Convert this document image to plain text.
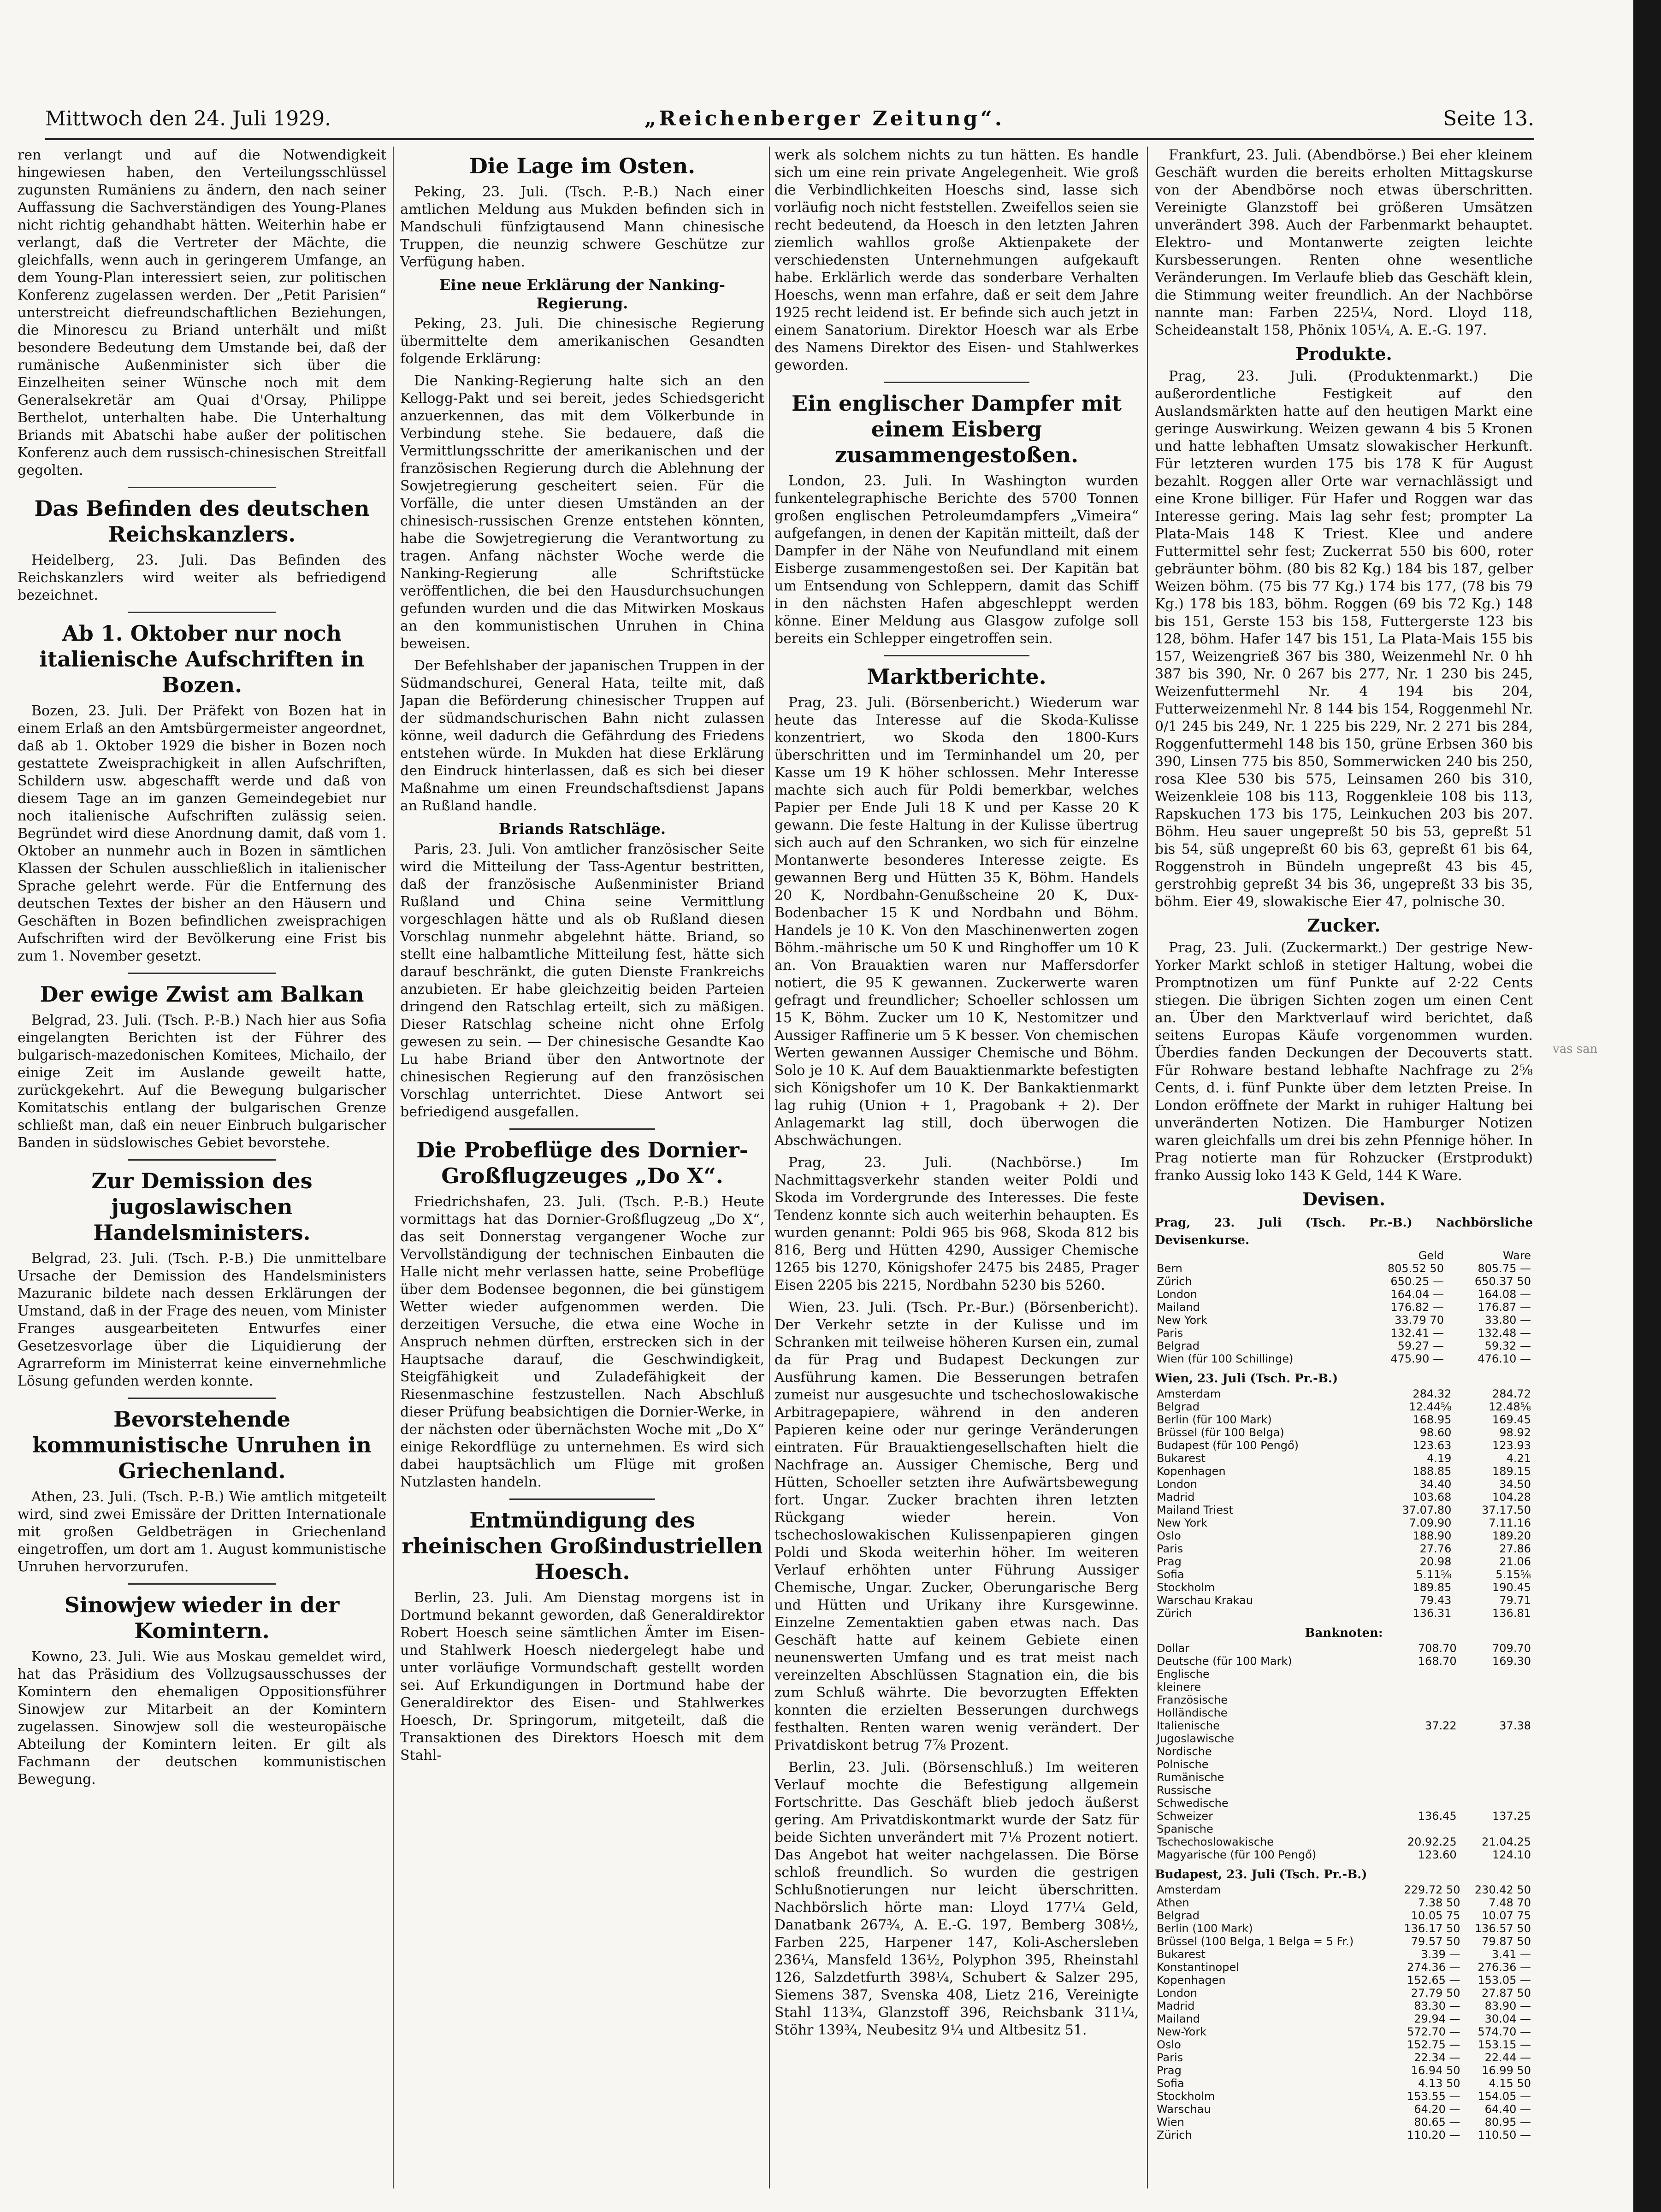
Mittwoch den 24. Juli 1929.	„Reichenberger Zeitung“.	Seite 13.

ren verlangt und auf die Notwendigkeit hingewiesen haben, den Verteilungsschlüssel zugunsten Rumäniens zu ändern, den nach seiner Auffassung die Sachverständigen des Young-Planes nicht richtig gehandhabt hätten. Weiterhin habe er verlangt, daß die Vertreter der Mächte, die gleichfalls, wenn auch in geringerem Umfange, an dem Young-Plan interessiert seien, zur politischen Konferenz zugelassen werden. Der „Petit Parisien“ unterstreicht diefreundschaftlichen Beziehungen, die Minorescu zu Briand unterhält und mißt besondere Bedeutung dem Umstande bei, daß der rumänische Außenminister sich über die Einzelheiten seiner Wünsche noch mit dem Generalsekretär am Quai d'Orsay, Philippe Berthelot, unterhalten habe. Die Unterhaltung Briands mit Abatschi habe außer der politischen Konferenz auch dem russisch-chinesischen Streitfall gegolten.

Das Befinden des deutschen Reichskanzlers.

Heidelberg, 23. Juli. Das Befinden des Reichskanzlers wird weiter als befriedigend bezeichnet.

Ab 1. Oktober nur noch italienische Aufschriften in Bozen.

Bozen, 23. Juli. Der Präfekt von Bozen hat in einem Erlaß an den Amtsbürgermeister angeordnet, daß ab 1. Oktober 1929 die bisher in Bozen noch gestattete Zweisprachigkeit in allen Aufschriften, Schildern usw. abgeschafft werde und daß von diesem Tage an im ganzen Gemeindegebiet nur noch italienische Aufschriften zulässig seien. Begründet wird diese Anordnung damit, daß vom 1. Oktober an nunmehr auch in Bozen in sämtlichen Klassen der Schulen ausschließlich in italienischer Sprache gelehrt werde. Für die Entfernung des deutschen Textes der bisher an den Häusern und Geschäften in Bozen befindlichen zweisprachigen Aufschriften wird der Bevölkerung eine Frist bis zum 1. November gesetzt.

Der ewige Zwist am Balkan

Belgrad, 23. Juli. (Tsch. P.-B.) Nach hier aus Sofia eingelangten Berichten ist der Führer des bulgarisch-mazedonischen Komitees, Michailo, der einige Zeit im Auslande geweilt hatte, zurückgekehrt. Auf die Bewegung bulgarischer Komitatschis entlang der bulgarischen Grenze schließt man, daß ein neuer Einbruch bulgarischer Banden in südslowisches Gebiet bevorstehe.

Zur Demission des jugoslawischen Handelsministers.

Belgrad, 23. Juli. (Tsch. P.-B.) Die unmittelbare Ursache der Demission des Handelsministers Mazuranic bildete nach dessen Erklärungen der Umstand, daß in der Frage des neuen, vom Minister Franges ausgearbeiteten Entwurfes einer Gesetzesvorlage über die Liquidierung der Agrarreform im Ministerrat keine einvernehmliche Lösung gefunden werden konnte.

Bevorstehende kommunistische Unruhen in Griechenland.

Athen, 23. Juli. (Tsch. P.-B.) Wie amtlich mitgeteilt wird, sind zwei Emissäre der Dritten Internationale mit großen Geldbeträgen in Griechenland eingetroffen, um dort am 1. August kommunistische Unruhen hervorzurufen.

Sinowjew wieder in der Komintern.

Kowno, 23. Juli. Wie aus Moskau gemeldet wird, hat das Präsidium des Vollzugsausschusses der Komintern den ehemaligen Oppositionsführer Sinowjew zur Mitarbeit an der Komintern zugelassen. Sinowjew soll die westeuropäische Abteilung der Komintern leiten. Er gilt als Fachmann der deutschen kommunistischen Bewegung.

Die Lage im Osten.

Peking, 23. Juli. (Tsch. P.-B.) Nach einer amtlichen Meldung aus Mukden befinden sich in Mandschuli fünfzigtausend Mann chinesische Truppen, die neunzig schwere Geschütze zur Verfügung haben.

Eine neue Erklärung der Nanking-Regierung.

Peking, 23. Juli. Die chinesische Regierung übermittelte dem amerikanischen Gesandten folgende Erklärung:

Die Nanking-Regierung halte sich an den Kellogg-Pakt und sei bereit, jedes Schiedsgericht anzuerkennen, das mit dem Völkerbunde in Verbindung stehe. Sie bedauere, daß die Vermittlungsschritte der amerikanischen und der französischen Regierung durch die Ablehnung der Sowjetregierung gescheitert seien. Für die Vorfälle, die unter diesen Umständen an der chinesisch-russischen Grenze entstehen könnten, habe die Sowjetregierung die Verantwortung zu tragen. Anfang nächster Woche werde die Nanking-Regierung alle Schriftstücke veröffentlichen, die bei den Hausdurchsuchungen gefunden wurden und die das Mitwirken Moskaus an den kommunistischen Unruhen in China beweisen.

Der Befehlshaber der japanischen Truppen in der Südmandschurei, General Hata, teilte mit, daß Japan die Beförderung chinesischer Truppen auf der südmandschurischen Bahn nicht zulassen könne, weil dadurch die Gefährdung des Friedens entstehen würde. In Mukden hat diese Erklärung den Eindruck hinterlassen, daß es sich bei dieser Maßnahme um einen Freundschaftsdienst Japans an Rußland handle.

Briands Ratschläge.

Paris, 23. Juli. Von amtlicher französischer Seite wird die Mitteilung der Tass-Agentur bestritten, daß der französische Außenminister Briand Rußland und China seine Vermittlung vorgeschlagen hätte und als ob Rußland diesen Vorschlag nunmehr abgelehnt hätte. Briand, so stellt eine halbamtliche Mitteilung fest, hätte sich darauf beschränkt, die guten Dienste Frankreichs anzubieten. Er habe gleichzeitig beiden Parteien dringend den Ratschlag erteilt, sich zu mäßigen. Dieser Ratschlag scheine nicht ohne Erfolg gewesen zu sein. — Der chinesische Gesandte Kao Lu habe Briand über den Antwortnote der chinesischen Regierung auf den französischen Vorschlag unterrichtet. Diese Antwort sei befriedigend ausgefallen.

Die Probeflüge des Dornier-Großflugzeuges „Do X“.

Friedrichshafen, 23. Juli. (Tsch. P.-B.) Heute vormittags hat das Dornier-Großflugzeug „Do X“, das seit Donnerstag vergangener Woche zur Vervollständigung der technischen Einbauten die Halle nicht mehr verlassen hatte, seine Probeflüge über dem Bodensee begonnen, die bei günstigem Wetter wieder aufgenommen werden. Die derzeitigen Versuche, die etwa eine Woche in Anspruch nehmen dürften, erstrecken sich in der Hauptsache darauf, die Geschwindigkeit, Steigfähigkeit und Zuladefähigkeit der Riesenmaschine festzustellen. Nach Abschluß dieser Prüfung beabsichtigen die Dornier-Werke, in der nächsten oder übernächsten Woche mit „Do X“ einige Rekordflüge zu unternehmen. Es wird sich dabei hauptsächlich um Flüge mit großen Nutzlasten handeln.

Entmündigung des rheinischen Großindustriellen Hoesch.

Berlin, 23. Juli. Am Dienstag morgens ist in Dortmund bekannt geworden, daß Generaldirektor Robert Hoesch seine sämtlichen Ämter im Eisen- und Stahlwerk Hoesch niedergelegt habe und unter vorläufige Vormundschaft gestellt worden sei. Auf Erkundigungen in Dortmund habe der Generaldirektor des Eisen- und Stahlwerkes Hoesch, Dr. Springorum, mitgeteilt, daß die Transaktionen des Direktors Hoesch mit dem Stahl-

werk als solchem nichts zu tun hätten. Es handle sich um eine rein private Angelegenheit. Wie groß die Verbindlichkeiten Hoeschs sind, lasse sich vorläufig noch nicht feststellen. Zweifellos seien sie recht bedeutend, da Hoesch in den letzten Jahren ziemlich wahllos große Aktienpakete der verschiedensten Unternehmungen aufgekauft habe. Erklärlich werde das sonderbare Verhalten Hoeschs, wenn man erfahre, daß er seit dem Jahre 1925 recht leidend ist. Er befinde sich auch jetzt in einem Sanatorium. Direktor Hoesch war als Erbe des Namens Direktor des Eisen- und Stahlwerkes geworden.

Ein englischer Dampfer mit einem Eisberg zusammengestoßen.

London, 23. Juli. In Washington wurden funkentelegraphische Berichte des 5700 Tonnen großen englischen Petroleumdampfers „Vimeira“ aufgefangen, in denen der Kapitän mitteilt, daß der Dampfer in der Nähe von Neufundland mit einem Eisberge zusammengestoßen sei. Der Kapitän bat um Entsendung von Schleppern, damit das Schiff in den nächsten Hafen abgeschleppt werden könne. Einer Meldung aus Glasgow zufolge soll bereits ein Schlepper eingetroffen sein.

Marktberichte.

Prag, 23. Juli. (Börsenbericht.) Wiederum war heute das Interesse auf die Skoda-Kulisse konzentriert, wo Skoda den 1800-Kurs überschritten und im Terminhandel um 20, per Kasse um 19 K höher schlossen. Mehr Interesse machte sich auch für Poldi bemerkbar, welches Papier per Ende Juli 18 K und per Kasse 20 K gewann. Die feste Haltung in der Kulisse übertrug sich auch auf den Schranken, wo sich für einzelne Montanwerte besonderes Interesse zeigte. Es gewannen Berg und Hütten 35 K, Böhm. Handels 20 K, Nordbahn-Genußscheine 20 K, Dux-Bodenbacher 15 K und Nordbahn und Böhm. Handels je 10 K. Von den Maschinenwerten zogen Böhm.-mährische um 50 K und Ringhoffer um 10 K an. Von Brauaktien waren nur Maffersdorfer notiert, die 95 K gewannen. Zuckerwerte waren gefragt und freundlicher; Schoeller schlossen um 15 K, Böhm. Zucker um 10 K, Nestomitzer und Aussiger Raffinerie um 5 K besser. Von chemischen Werten gewannen Aussiger Chemische und Böhm. Solo je 10 K. Auf dem Bauaktienmarkte befestigten sich Königshofer um 10 K. Der Bankaktienmarkt lag ruhig (Union + 1, Pragobank + 2). Der Anlagemarkt lag still, doch überwogen die Abschwächungen.

Prag, 23. Juli. (Nachbörse.) Im Nachmittagsverkehr standen weiter Poldi und Skoda im Vordergrunde des Interesses. Die feste Tendenz konnte sich auch weiterhin behaupten. Es wurden genannt: Poldi 965 bis 968, Skoda 812 bis 816, Berg und Hütten 4290, Aussiger Chemische 1265 bis 1270, Königshofer 2475 bis 2485, Prager Eisen 2205 bis 2215, Nordbahn 5230 bis 5260.

Wien, 23. Juli. (Tsch. Pr.-Bur.) (Börsenbericht). Der Verkehr setzte in der Kulisse und im Schranken mit teilweise höheren Kursen ein, zumal da für Prag und Budapest Deckungen zur Ausführung kamen. Die Besserungen betrafen zumeist nur ausgesuchte und tschechoslowakische Arbitragepapiere, während in den anderen Papieren keine oder nur geringe Veränderungen eintraten. Für Brauaktiengesellschaften hielt die Nachfrage an. Aussiger Chemische, Berg und Hütten, Schoeller setzten ihre Aufwärtsbewegung fort. Ungar. Zucker brachten ihren letzten Rückgang wieder herein. Von tschechoslowakischen Kulissenpapieren gingen Poldi und Skoda weiterhin höher. Im weiteren Verlauf erhöhten unter Führung Aussiger Chemische, Ungar. Zucker, Oberungarische Berg und Hütten und Urikany ihre Kursgewinne. Einzelne Zementaktien gaben etwas nach. Das Geschäft hatte auf keinem Gebiete einen neunenswerten Umfang und es trat meist nach vereinzelten Abschlüssen Stagnation ein, die bis zum Schluß währte. Die bevorzugten Effekten konnten die erzielten Besserungen durchwegs festhalten. Renten waren wenig verändert. Der Privatdiskont betrug 7⅞ Prozent.

Berlin, 23. Juli. (Börsenschluß.) Im weiteren Verlauf mochte die Befestigung allgemein Fortschritte. Das Geschäft blieb jedoch äußerst gering. Am Privatdiskontmarkt wurde der Satz für beide Sichten unverändert mit 7⅛ Prozent notiert. Das Angebot hat weiter nachgelassen. Die Börse schloß freundlich. So wurden die gestrigen Schlußnotierungen nur leicht überschritten. Nachbörslich hörte man: Lloyd 177¼ Geld, Danatbank 267¾, A. E.-G. 197, Bemberg 308½, Farben 225, Harpener 147, Koli-Aschersleben 236¼, Mansfeld 136½, Polyphon 395, Rheinstahl 126, Salzdetfurth 398¼, Schubert & Salzer 295, Siemens 387, Svenska 408, Lietz 216, Vereinigte Stahl 113¾, Glanzstoff 396, Reichsbank 311¼, Stöhr 139¾, Neubesitz 9¼ und Altbesitz 51.

Frankfurt, 23. Juli. (Abendbörse.) Bei eher kleinem Geschäft wurden die bereits erholten Mittagskurse von der Abendbörse noch etwas überschritten. Vereinigte Glanzstoff bei größeren Umsätzen unverändert 398. Auch der Farbenmarkt behauptet. Elektro- und Montanwerte zeigten leichte Kursbesserungen. Renten ohne wesentliche Veränderungen. Im Verlaufe blieb das Geschäft klein, die Stimmung weiter freundlich. An der Nachbörse nannte man: Farben 225¼, Nord. Lloyd 118, Scheideanstalt 158, Phönix 105¼, A. E.-G. 197.

Produkte.

Prag, 23. Juli. (Produktenmarkt.) Die außerordentliche Festigkeit auf den Auslandsmärkten hatte auf den heutigen Markt eine geringe Auswirkung. Weizen gewann 4 bis 5 Kronen und hatte lebhaften Umsatz slowakischer Herkunft. Für letzteren wurden 175 bis 178 K für August bezahlt. Roggen aller Orte war vernachlässigt und eine Krone billiger. Für Hafer und Roggen war das Interesse gering. Mais lag sehr fest; prompter La Plata-Mais 148 K Triest. Klee und andere Futtermittel sehr fest; Zuckerrat 550 bis 600, roter gebräunter böhm. (80 bis 82 Kg.) 184 bis 187, gelber Weizen böhm. (75 bis 77 Kg.) 174 bis 177, (78 bis 79 Kg.) 178 bis 183, böhm. Roggen (69 bis 72 Kg.) 148 bis 151, Gerste 153 bis 158, Futtergerste 123 bis 128, böhm. Hafer 147 bis 151, La Plata-Mais 155 bis 157, Weizengrieß 367 bis 380, Weizenmehl Nr. 0 hh 387 bis 390, Nr. 0 267 bis 277, Nr. 1 230 bis 245, Weizenfuttermehl Nr. 4 194 bis 204, Futterweizenmehl Nr. 8 144 bis 154, Roggenmehl Nr. 0/1 245 bis 249, Nr. 1 225 bis 229, Nr. 2 271 bis 284, Roggenfuttermehl 148 bis 150, grüne Erbsen 360 bis 390, Linsen 775 bis 850, Sommerwicken 240 bis 250, rosa Klee 530 bis 575, Leinsamen 260 bis 310, Weizenkleie 108 bis 113, Roggenkleie 108 bis 113, Rapskuchen 173 bis 175, Leinkuchen 203 bis 207. Böhm. Heu sauer ungepreßt 50 bis 53, gepreßt 51 bis 54, süß ungepreßt 60 bis 63, gepreßt 61 bis 64, Roggenstroh in Bündeln ungepreßt 43 bis 45, gerstrohbig gepreßt 34 bis 36, ungepreßt 33 bis 35, böhm. Eier 49, slowakische Eier 47, polnische 30.

Zucker.

Prag, 23. Juli. (Zuckermarkt.) Der gestrige New-Yorker Markt schloß in stetiger Haltung, wobei die Promptnotizen um fünf Punkte auf 2·22 Cents stiegen. Die übrigen Sichten zogen um einen Cent an. Über den Marktverlauf wird berichtet, daß seitens Europas Käufe vorgenommen wurden. Überdies fanden Deckungen der Decouverts statt. Für Rohware bestand lebhafte Nachfrage zu 2⅝ Cents, d. i. fünf Punkte über dem letzten Preise. In London eröffnete der Markt in ruhiger Haltung bei unveränderten Notizen. Die Hamburger Notizen waren gleichfalls um drei bis zehn Pfennige höher. In Prag notierte man für Rohzucker (Erstprodukt) franko Aussig loko 143 K Geld, 144 K Ware.

Devisen.
Prag, 23. Juli (Tsch. Pr.-B.) Nachbörsliche Devisenkurse.
	Geld	Ware
Bern	805.52 50	805.75 —
Zürich	650.25 —	650.37 50
London	164.04 —	164.08 —
Mailand	176.82 —	176.87 —
New York	33.79 70	33.80 —
Paris	132.41 —	132.48 —
Belgrad	59.27 —	59.32 —
Wien (für 100 Schillinge)	475.90 —	476.10 —
Wien, 23. Juli (Tsch. Pr.-B.)
Amsterdam	284.32	284.72
Belgrad	12.44⅝	12.48⅝
Berlin (für 100 Mark)	168.95	169.45
Brüssel (für 100 Belga)	98.60	98.92
Budapest (für 100 Pengő)	123.63	123.93
Bukarest	4.19	4.21
Kopenhagen	188.85	189.15
London	34.40	34.50
Madrid	103.68	104.28
Mailand Triest	37.07.80	37.17.50
New York	7.09.90	7.11.16
Oslo	188.90	189.20
Paris	27.76	27.86
Prag	20.98	21.06
Sofia	5.11⅝	5.15⅝
Stockholm	189.85	190.45
Warschau Krakau	79.43	79.71
Zürich	136.31	136.81
Banknoten:
Dollar	708.70	709.70
Deutsche (für 100 Mark)	168.70	169.30
Englische		
kleinere		
Französische		
Holländische		
Italienische	37.22	37.38
Jugoslawische		
Nordische		
Polnische		
Rumänische		
Russische		
Schwedische		
Schweizer	136.45	137.25
Spanische		
Tschechoslowakische	20.92.25	21.04.25
Magyarische (für 100 Pengő)	123.60	124.10
Budapest, 23. Juli (Tsch. Pr.-B.)
Amsterdam	229.72 50	230.42 50
Athen	7.38 50	7.48 70
Belgrad	10.05 75	10.07 75
Berlin (100 Mark)	136.17 50	136.57 50
Brüssel (100 Belga, 1 Belga = 5 Fr.)	79.57 50	79.87 50
Bukarest	3.39 —	3.41 —
Konstantinopel	274.36 —	276.36 —
Kopenhagen	152.65 —	153.05 —
London	27.79 50	27.87 50
Madrid	83.30 —	83.90 —
Mailand	29.94 —	30.04 —
New-York	572.70 —	574.70 —
Oslo	152.75 —	153.15 —
Paris	22.34 —	22.44 —
Prag	16.94 50	16.99 50
Sofia	4.13 50	4.15 50
Stockholm	153.55 —	154.05 —
Warschau	64.20 —	64.40 —
Wien	80.65 —	80.95 —
Zürich	110.20 —	110.50 —
vas san
